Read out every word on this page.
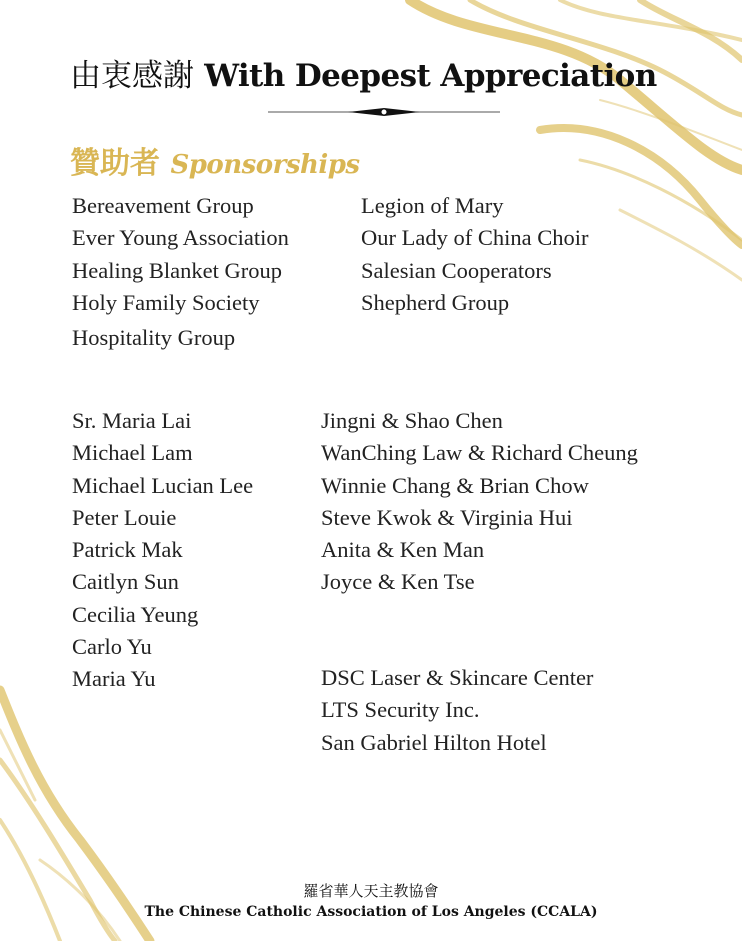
由衷感謝 With Deepest Appreciation
贊助者 Sponsorships
Bereavement Group
Ever Young Association
Healing Blanket Group
Holy Family Society
Hospitality Group
Legion of Mary
Our Lady of China Choir
Salesian Cooperators
Shepherd Group
Sr. Maria Lai
Michael Lam
Michael Lucian Lee
Peter Louie
Patrick Mak
Caitlyn Sun
Cecilia Yeung
Carlo Yu
Maria Yu
Jingni & Shao Chen
WanChing Law & Richard Cheung
Winnie Chang & Brian Chow
Steve Kwok & Virginia Hui
Anita & Ken Man
Joyce & Ken Tse
DSC Laser & Skincare Center
LTS Security Inc.
San Gabriel Hilton Hotel
羅省華人天主教協會
The Chinese Catholic Association of Los Angeles (CCALA)
